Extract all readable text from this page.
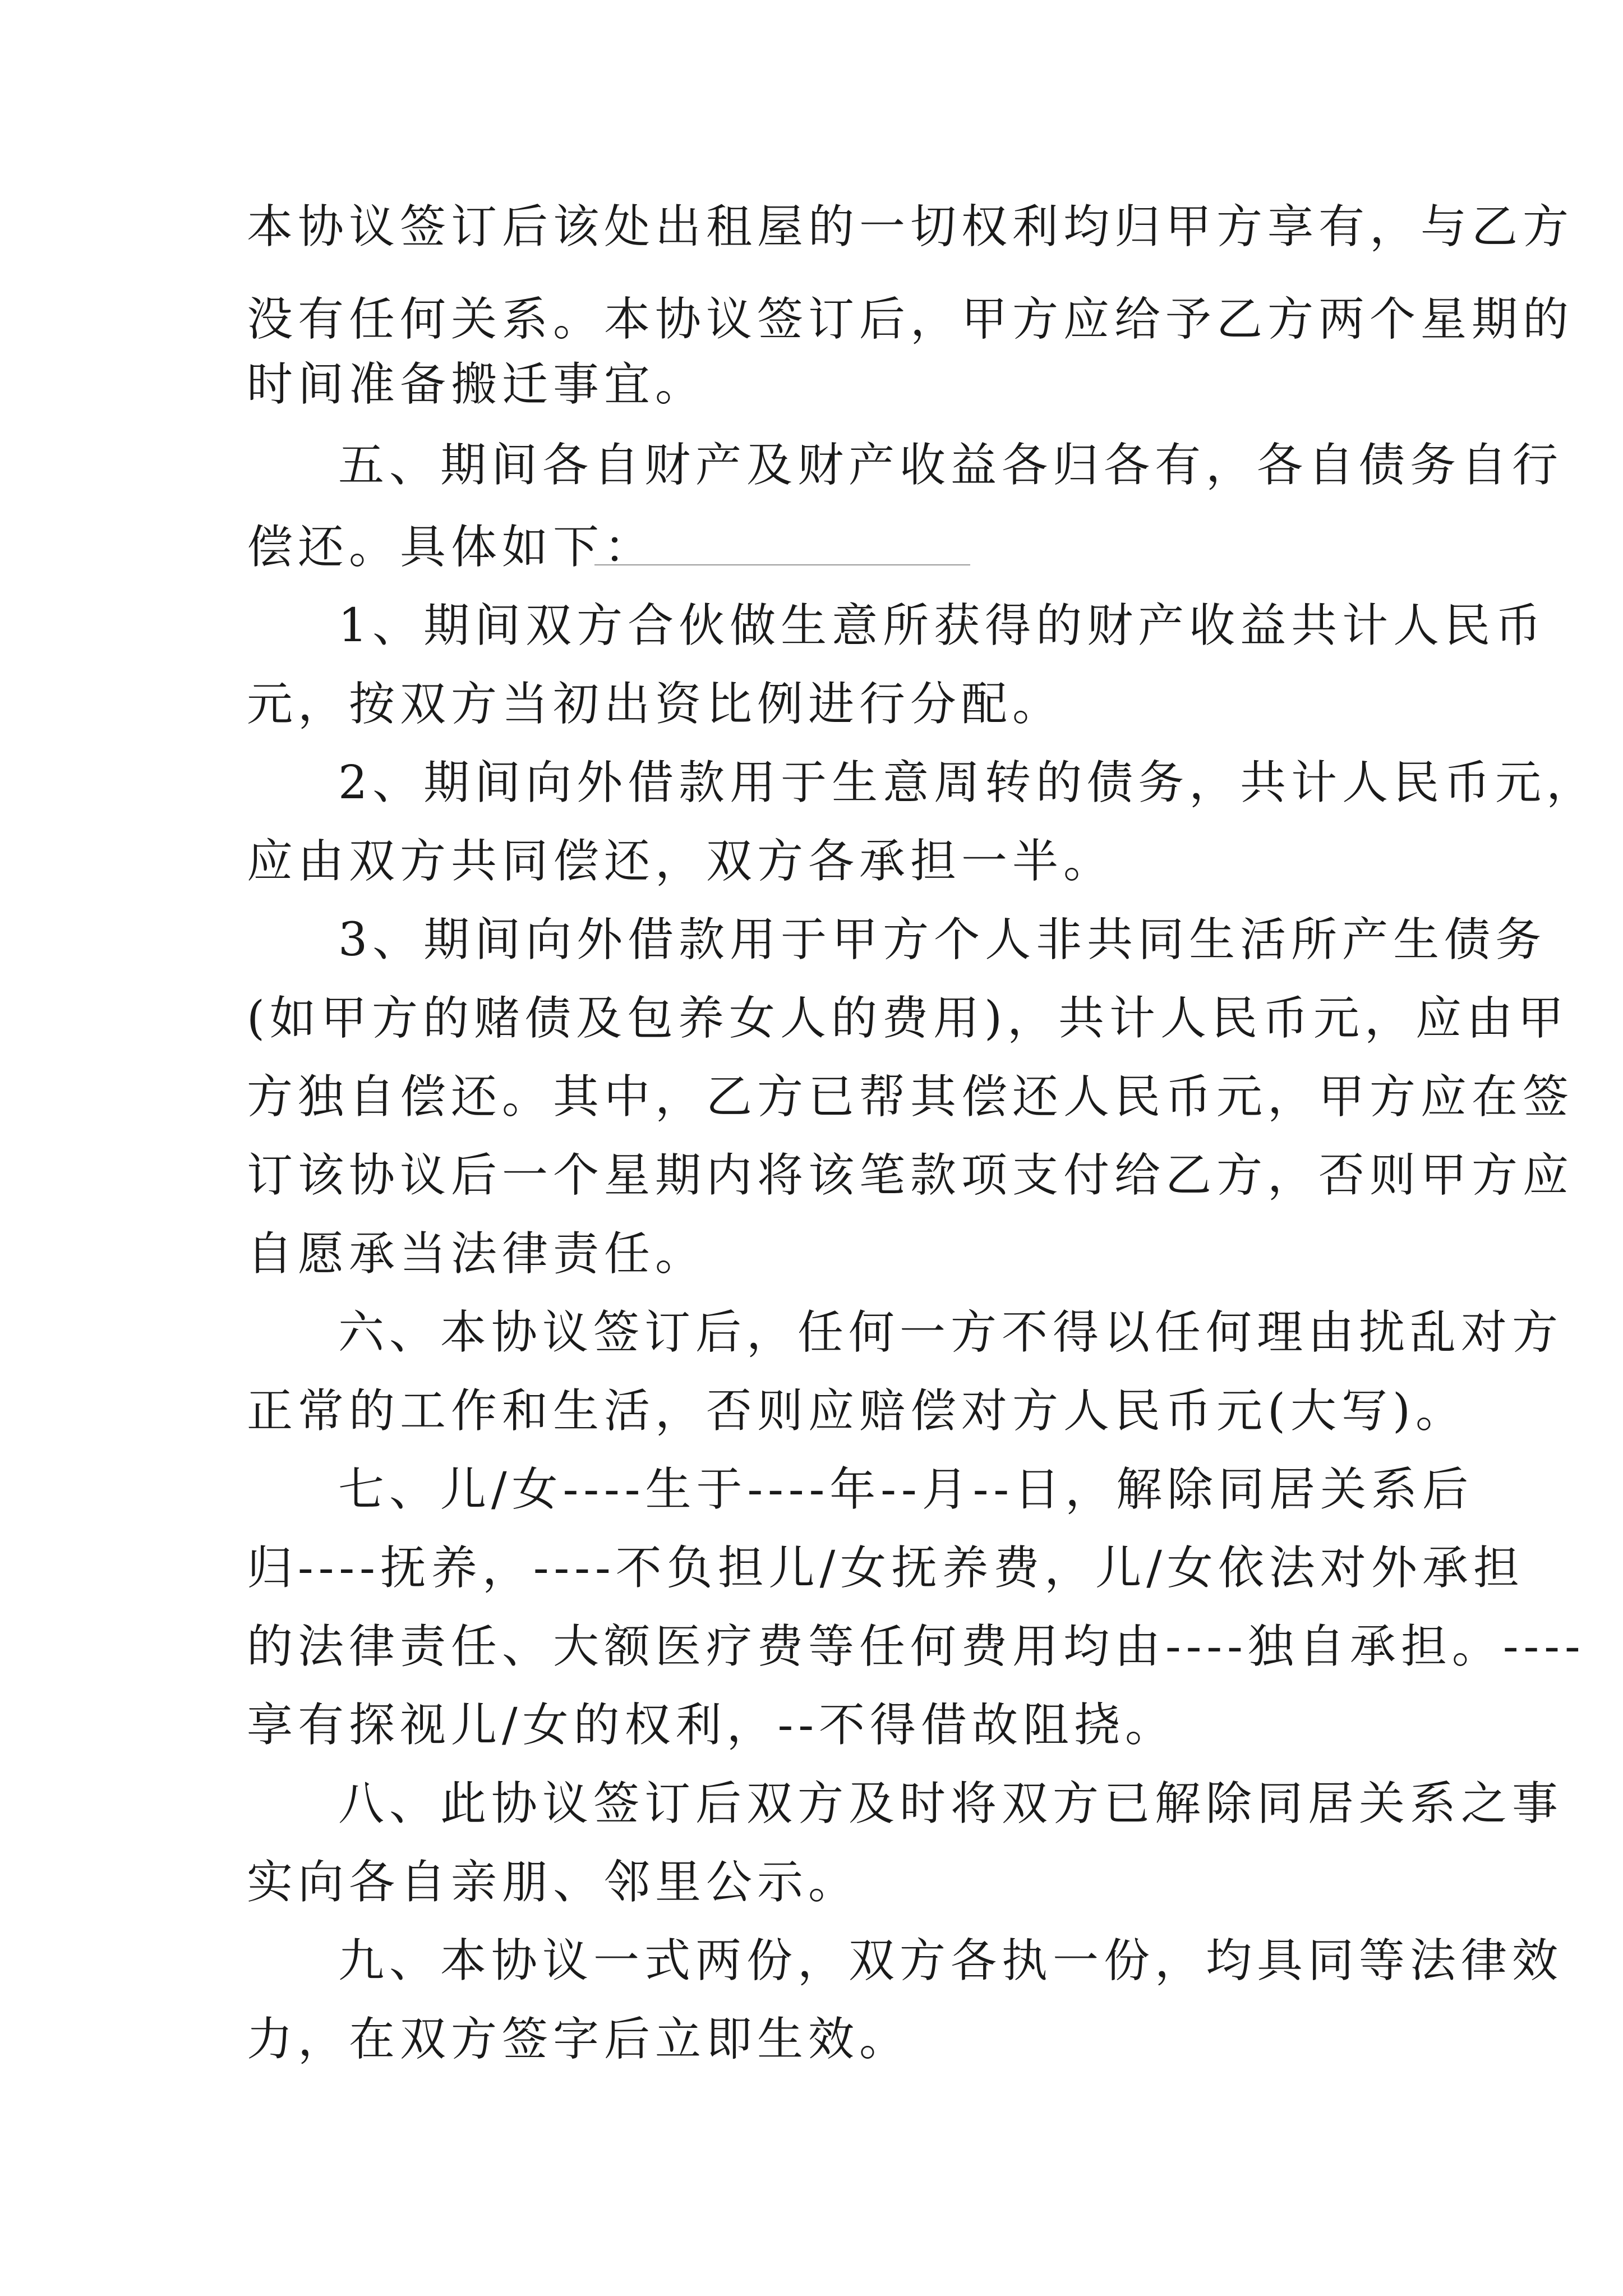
本协议签订后该处出租屋的一切权利均归甲方享有，与乙方
没有任何关系。本协议签订后，甲方应给予乙方两个星期的
时间准备搬迁事宜。
五、期间各自财产及财产收益各归各有，各自债务自行
偿还。具体如下：
1、期间双方合伙做生意所获得的财产收益共计人民币
元，按双方当初出资比例进行分配。
2、期间向外借款用于生意周转的债务，共计人民币元，
应由双方共同偿还，双方各承担一半。
3、期间向外借款用于甲方个人非共同生活所产生债务
(如甲方的赌债及包养女人的费用)，共计人民币元，应由甲
方独自偿还。其中，乙方已帮其偿还人民币元，甲方应在签
订该协议后一个星期内将该笔款项支付给乙方，否则甲方应
自愿承当法律责任。
六、本协议签订后，任何一方不得以任何理由扰乱对方
正常的工作和生活，否则应赔偿对方人民币元(大写)。
七、儿/女----生于----年--月--日，解除同居关系后
归----抚养，----不负担儿/女抚养费，儿/女依法对外承担
的法律责任、大额医疗费等任何费用均由----独自承担。----
享有探视儿/女的权利，--不得借故阻挠。
八、此协议签订后双方及时将双方已解除同居关系之事
实向各自亲朋、邻里公示。
九、本协议一式两份，双方各执一份，均具同等法律效
力，在双方签字后立即生效。
